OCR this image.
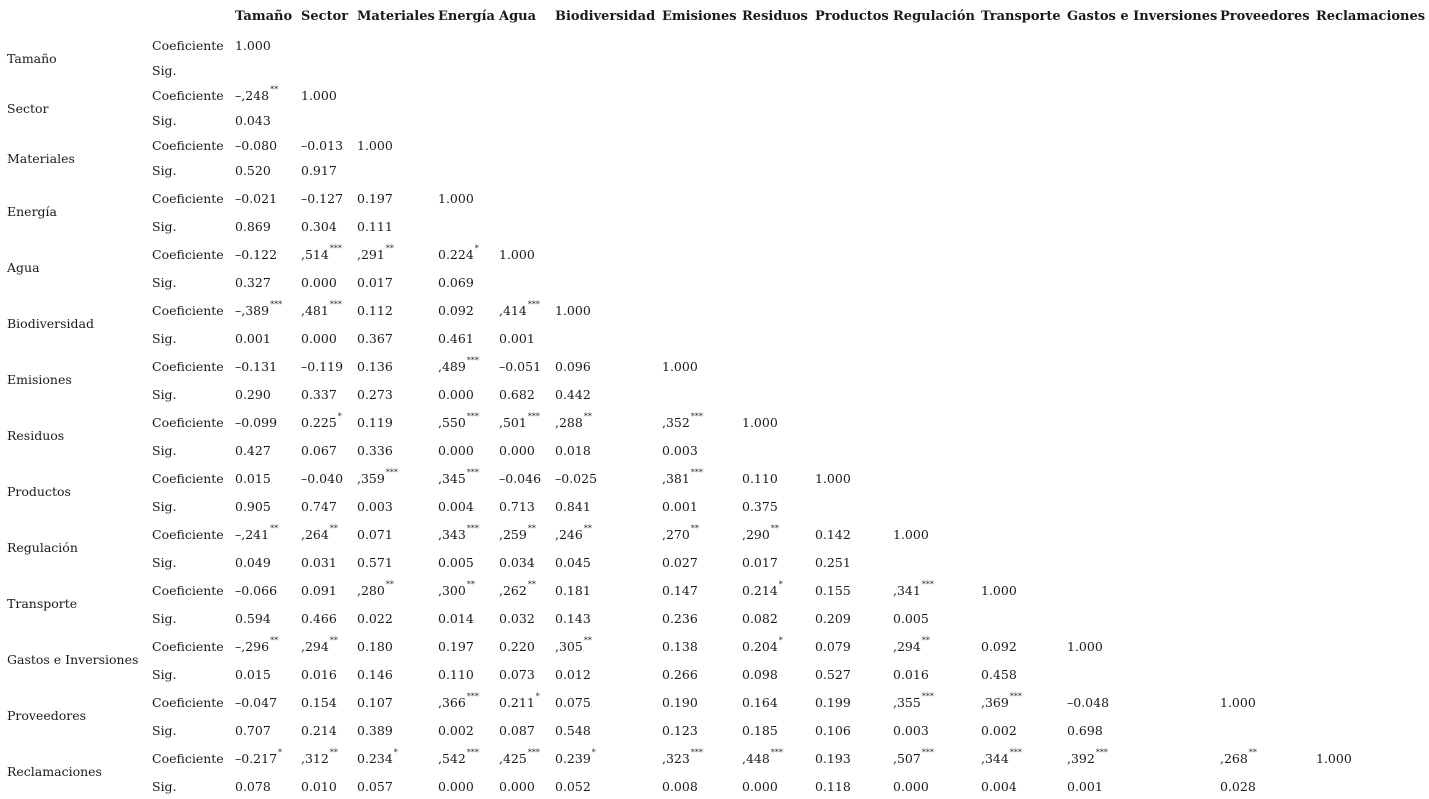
		Tamaño	Sector	Materiales	Energía	Agua	Biodiversidad	Emisiones	Residuos	Productos	Regulación	Transporte	Gastos e Inversiones	Proveedores	Reclamaciones
Tamaño	Coeficiente	1.000													
	Sig.														
Sector	Coeficiente	–,248**	1.000												
	Sig.	0.043													
Materiales	Coeficiente	–0.080	–0.013	1.000											
	Sig.	0.520	0.917												
Energía	Coeficiente	–0.021	–0.127	0.197	1.000										
	Sig.	0.869	0.304	0.111											
Agua	Coeficiente	–0.122	,514***	,291**	0.224*	1.000									
	Sig.	0.327	0.000	0.017	0.069										
Biodiversidad	Coeficiente	–,389***	,481***	0.112	0.092	,414***	1.000								
	Sig.	0.001	0.000	0.367	0.461	0.001									
Emisiones	Coeficiente	–0.131	–0.119	0.136	,489***	–0.051	0.096	1.000							
	Sig.	0.290	0.337	0.273	0.000	0.682	0.442								
Residuos	Coeficiente	–0.099	0.225*	0.119	,550***	,501***	,288**	,352***	1.000						
	Sig.	0.427	0.067	0.336	0.000	0.000	0.018	0.003							
Productos	Coeficiente	0.015	–0.040	,359***	,345***	–0.046	–0.025	,381***	0.110	1.000					
	Sig.	0.905	0.747	0.003	0.004	0.713	0.841	0.001	0.375						
Regulación	Coeficiente	–,241**	,264**	0.071	,343***	,259**	,246**	,270**	,290**	0.142	1.000				
	Sig.	0.049	0.031	0.571	0.005	0.034	0.045	0.027	0.017	0.251					
Transporte	Coeficiente	–0.066	0.091	,280**	,300**	,262**	0.181	0.147	0.214*	0.155	,341***	1.000			
	Sig.	0.594	0.466	0.022	0.014	0.032	0.143	0.236	0.082	0.209	0.005				
Gastos e Inversiones	Coeficiente	–,296**	,294**	0.180	0.197	0.220	,305**	0.138	0.204*	0.079	,294**	0.092	1.000		
	Sig.	0.015	0.016	0.146	0.110	0.073	0.012	0.266	0.098	0.527	0.016	0.458			
Proveedores	Coeficiente	–0.047	0.154	0.107	,366***	0.211*	0.075	0.190	0.164	0.199	,355***	,369***	–0.048	1.000	
	Sig.	0.707	0.214	0.389	0.002	0.087	0.548	0.123	0.185	0.106	0.003	0.002	0.698		
Reclamaciones	Coeficiente	–0.217*	,312**	0.234*	,542***	,425***	0.239*	,323***	,448***	0.193	,507***	,344***	,392***	,268**	1.000
	Sig.	0.078	0.010	0.057	0.000	0.000	0.052	0.008	0.000	0.118	0.000	0.004	0.001	0.028	
